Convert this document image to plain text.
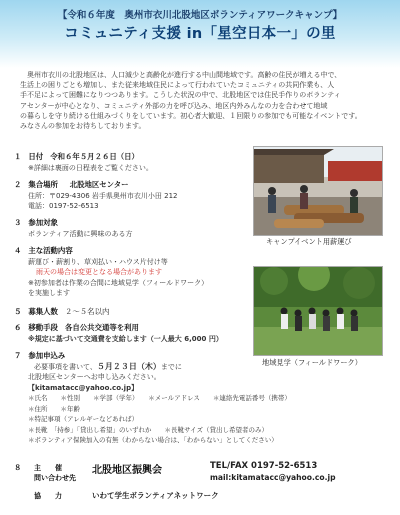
【令和６年度　奥州市衣川北股地区ボランティアワークキャンプ】
コミュニティ支援 in「星空日本一」の里

奥州市衣川の北股地区は、人口減少と高齢化が進行する中山間地域です。高齢の住民が増える中で、

生活上の困りごとも増加し、また従来地域住民によって行われていたコミュニティの共同作業も、人
手不足によって困難になりつつあります。こうした状況の中で、北股地区では住民手作りのボランティ
アセンターが中心となり、コミュニティ外部の力を呼び込み、地区内外みんなの力を合わせて地域
の暮らしを守り続ける仕組みづくりをしています。初心者大歓迎、１回限りの参加でも可能なイベントです。
みなさんの参加をお待ちしております。
１ 日付 令和６年５月２６日（日）
※詳細は裏面の日程表をご覧ください。
２ 集合場所 北股地区センター
住所：〒029-4306 岩手県奥州市衣川小田 212
電話：0197-52-6513
３ 参加対象
ボランティア活動に興味のある方
４ 主な活動内容
薪運び・薪割り、草刈払い・ハウス片付け等
雨天の場合は変更となる場合があります
※初参加者は作業の合間に地域見学（フィールドワーク）
を実施します
５ 募集人数 ２～５名以内
６ 移動手段 各自公共交通等を利用
※規定に基づいて交通費を支給します（一人最大 6,000 円）
７ 参加申込み
必要事項を書いて、５月２３日（木）までに
北股地区センターへお申し込みください。
【kitamatacc@yahoo.co.jp】
＊氏名　　＊性別　　＊学部（学年）　　＊メールアドレス　　＊連絡先電話番号（携帯）
＊住所　　＊年齢
＊特記事項（アレルギーなどあれば）
＊長靴　「持参」「貸出し希望」のいずれか　　＊長靴サイズ（貸出し希望者のみ）
＊ボランティア保険加入の有無（わからない場合は、「わからない」としてください）
８	主　　催
問い合わせ先
北股地区振興会	TEL/FAX 0197-52-6513
mail:kitamatacc@yahoo.co.jp
協　　力	いわて学生ボランティアネットワーク
キャンプイベント用薪運び
地域見学（フィールドワーク）
